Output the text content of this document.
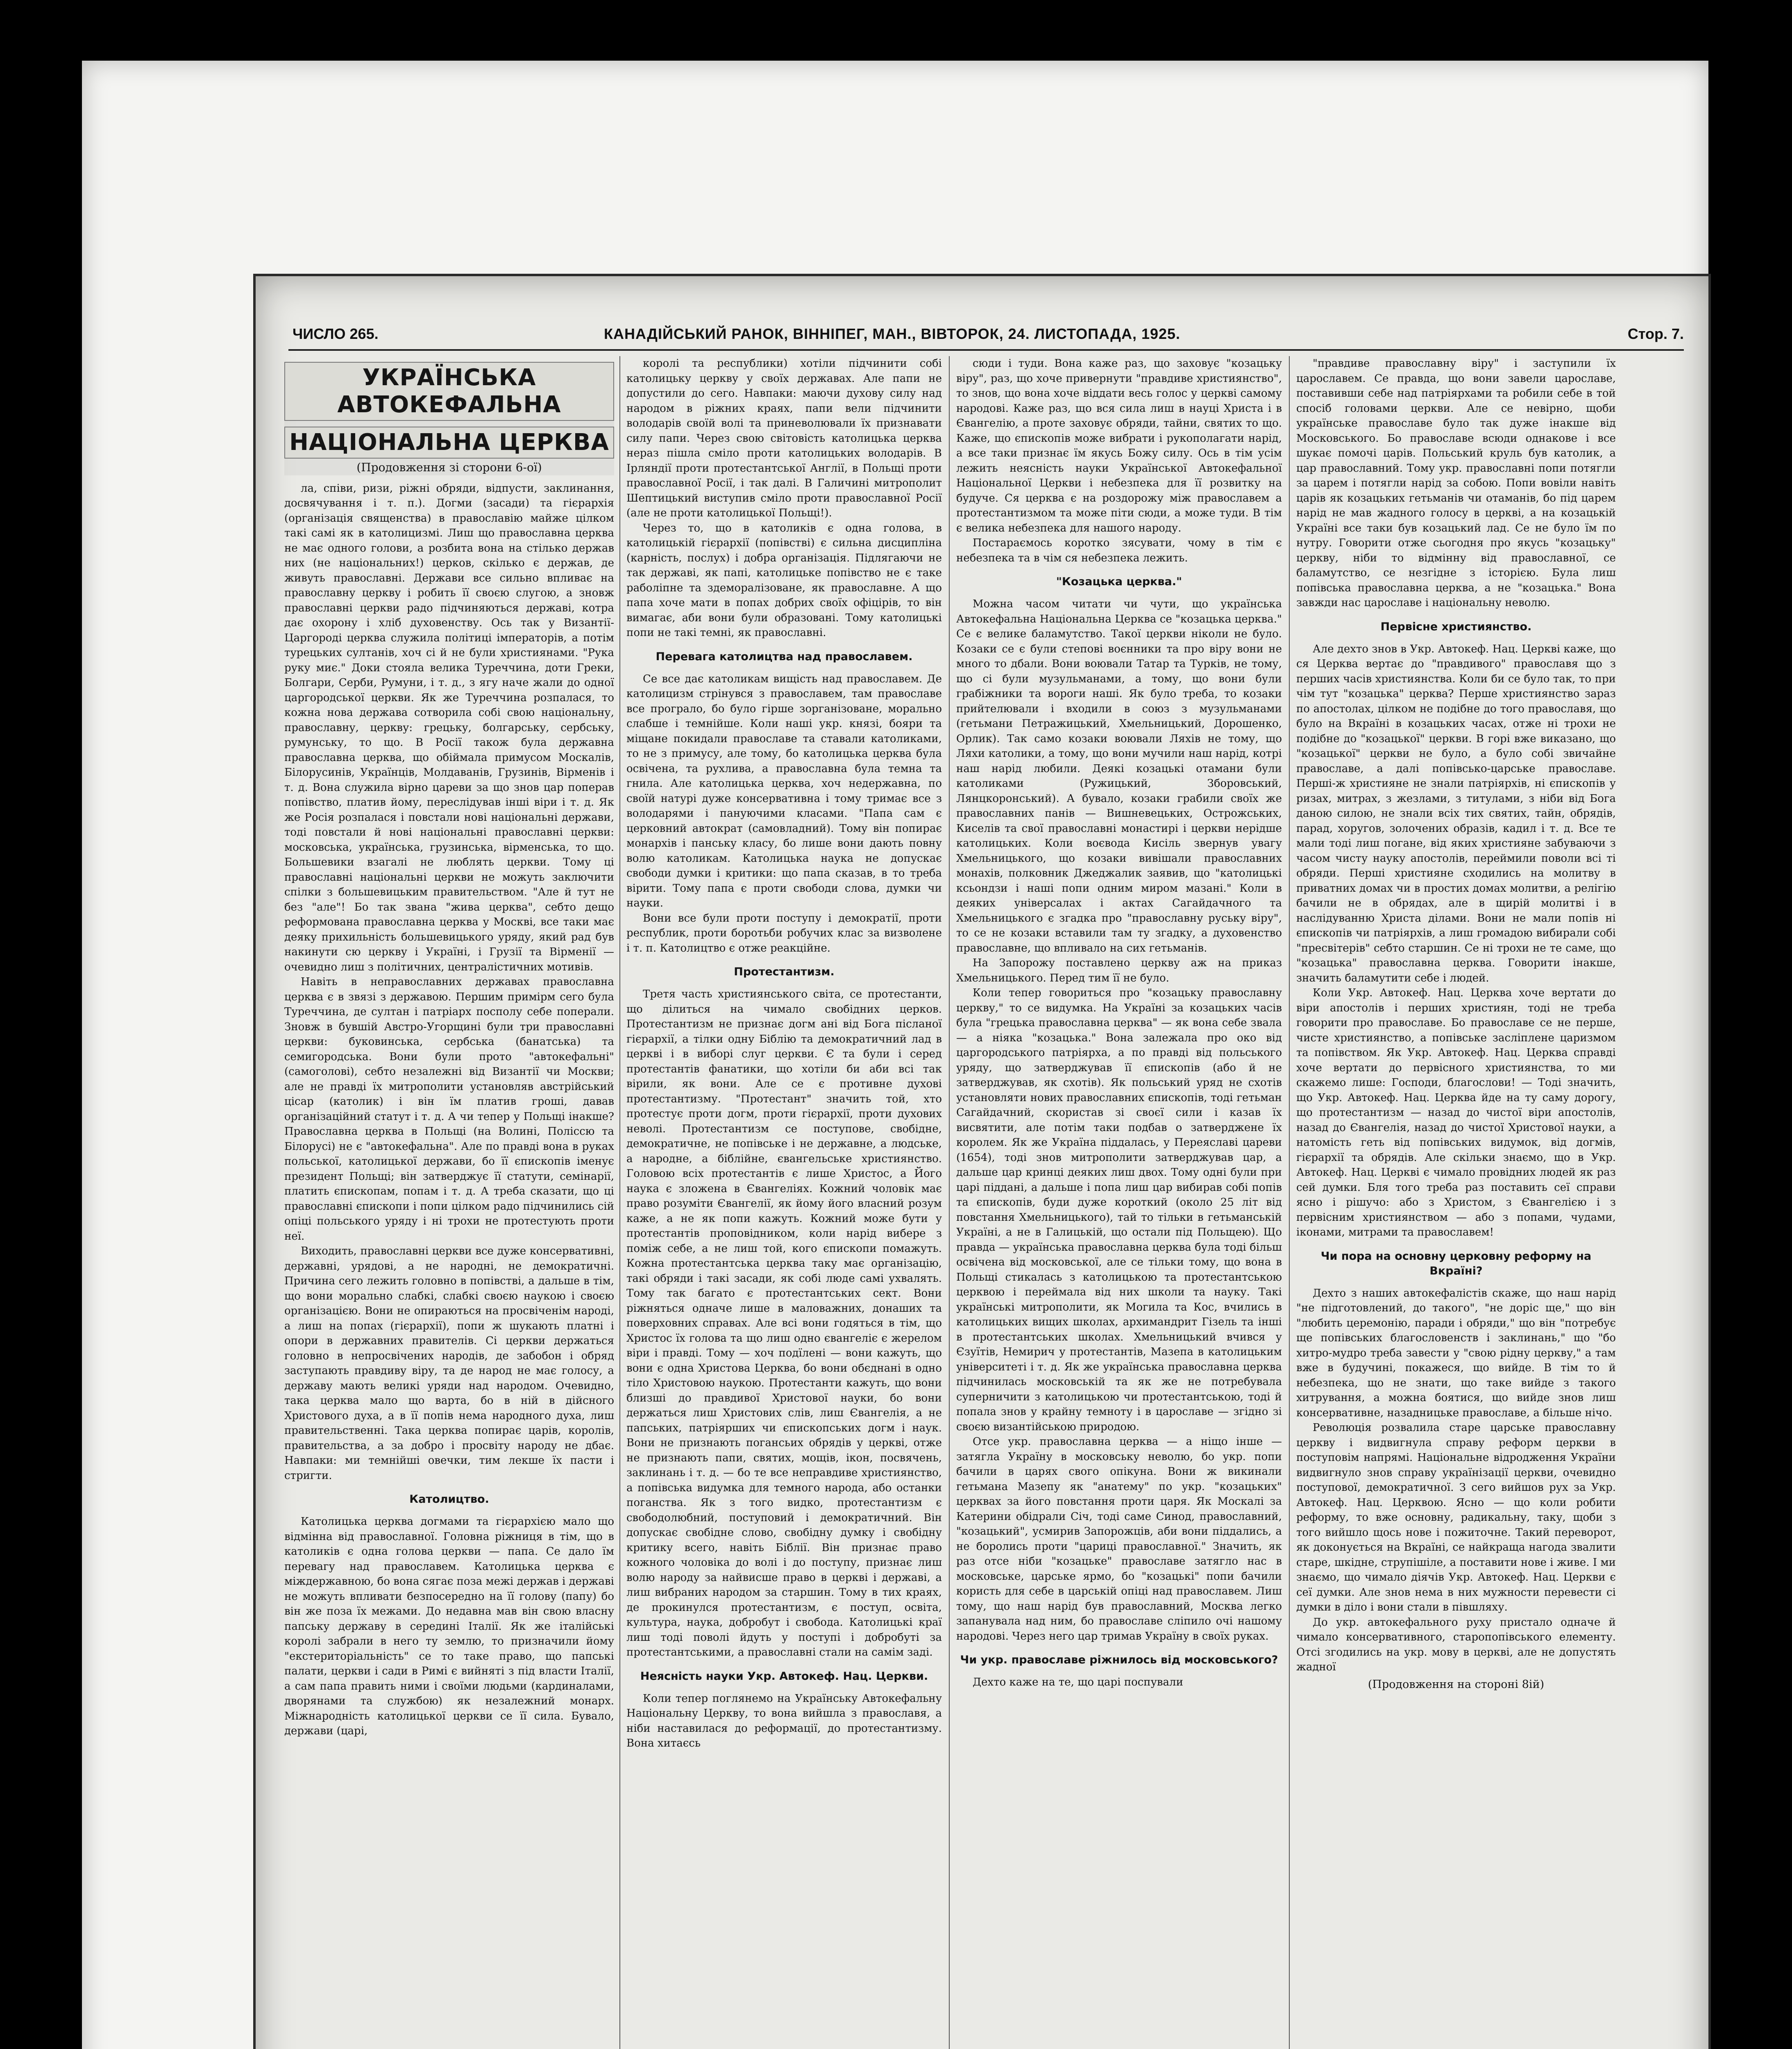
ЧИСЛО 265.	КАНАДІЙСЬКИЙ РАНОК, ВІННІПЕГ, МАН., ВІВТОРОК, 24. ЛИСТОПАДА, 1925.	Стор. 7.
УКРАЇНСЬКА АВТОКЕФАЛЬНА
НАЦІОНАЛЬНА ЦЕРКВА
(Продовження зі сторони 6-ої)

ла, співи, ризи, ріжні обряди, відпусти, заклинання, досвячування і т. п.). Догми (засади) та гієрархія (організація священства) в православію майже цілком такі самі як в католицизмі. Лиш що православна церква не має одного голови, а розбита вона на стілько держав них (не національних!) церков, скілько є держав, де живуть православні. Держави все сильно впливає на православну церкву і робить її своєю слугою, а зновж православні церкви радо підчиняються державі, котра дає охорону і хліб духовенству. Ось так у Византії-Царгороді церква служила політиці імператорів, а потім турецьких султанів, хоч сі й не були християнами. "Рука руку миє." Доки стояла велика Туреччина, доти Греки, Болгари, Серби, Румуни, і т. д., з ягу наче жали до одної царгородської церкви. Як же Туреччина розпалася, то кожна нова держава сотворила собі свою національну, православну, церкву: грецьку, болгарську, сербську, румунську, то що. В Росії також була державна православна церква, що обіймала примусом Москалів, Білорусинів, Українців, Молдаванів, Грузинів, Вірменів і т. д. Вона служила вірно цареви за що знов цар поперав попівство, платив йому, переслідував інші віри і т. д. Як же Росія розпалася і повстали нові національні держави, тоді повстали й нові національні православні церкви: московська, українська, грузинська, вірменська, то що. Большевики взагалі не люблять церкви. Тому ці православні національні церкви не можуть заключити спілки з большевицьким правительством. "Але й тут не без "але"! Бо так звана "жива церква", себто дещо реформована православна церква у Москві, все таки має деяку прихильність большевицького уряду, який рад був накинути сю церкву і Україні, і Грузії та Вірменії — очевидно лиш з політичних, централістичних мотивів.

Навіть в неправославних державах православна церква є в звязі з державою. Першим примірм сего була Туреччина, де султан і патріарх посполу себе поперали. Зновж в бувшій Австро-Угорщині були три православні церкви: буковинська, сербська (банатська) та семигородська. Вони були прото "автокефальні" (самоголові), себто незалежні від Византії чи Москви; але не правді їх митрополити установляв австрійський цісар (католик) і він їм платив гроші, давав організаційний статут і т. д. А чи тепер у Польщі інакше? Православна церква в Польщі (на Волині, Поліссю та Білорусі) не є "автокефальна". Але по правді вона в руках польської, католицької держави, бо її єпископів іменує президент Польщі; він затверджує її статути, семінарії, платить єпископам, попам і т. д. А треба сказати, що ці православні єпископи і попи цілком радо підчинились сій опіці польського уряду і ні трохи не протестують проти неї.

Виходить, православні церкви все дуже консервативні, державні, урядові, а не народні, не демократичні. Причина сего лежить головно в попівстві, а дальше в тім, що вони морально слабкі, слабкі своєю наукою і своєю організацією. Вони не опираються на просвіченім народі, а лиш на попах (гієрархії), попи ж шукають платні і опори в державних правителів. Сі церкви держаться головно в непросвічених народів, де забобон і обряд заступають правдиву віру, та де народ не має голосу, а державу мають великі уряди над народом. Очевидно, така церква мало що варта, бо в ній в дійсного Христового духа, а в її попів нема народного духа, лиш правительственні. Така церква попирає царів, королів, правительства, а за добро і просвіту народу не дбає. Навпаки: ми темнійші овечки, тим лекше їх пасти і стригти.

Католицтво.

Католицька церква догмами та гієрархією мало що відмінна від православної. Головна ріжниця в тім, що в католиків є одна голова церкви — папа. Се дало їм перевагу над православем. Католицька церква є міждержавною, бо вона сягає поза межі держав і державі не можуть впливати безпосередно на її голову (папу) бо він же поза їх межами. До недавна мав він свою власну папську державу в середині Італії. Як же італійські королі забрали в него ту землю, то призначили йому "екстериторіальність" се то таке право, що папські палати, церкви і сади в Римі є вийняті з під власти Італії, а сам папа править ними і своїми людьми (кардиналами, дворянами та службою) як незалежний монарх. Міжнародність католицької церкви се її сила. Бувало, держави (царі,

королі та республики) хотіли підчинити собі католицьку церкву у своїх державах. Але папи не допустили до сего. Навпаки: маючи духову силу над народом в ріжних краях, папи вели підчинити володарів своїй волі та приневолювали їх признавати силу папи. Через свою світовість католицька церква нераз пішла сміло проти католицьких володарів. В Ірляндії проти протестантської Англії, в Польщі проти православної Росії, і так далі. В Галичині митрополит Шептицький виступив сміло проти православної Росії (але не проти католицької Польщі!).

Через то, що в католиків є одна голова, в католицькій гієрархії (попівстві) є сильна дисципліна (карність, послух) і добра організація. Підлягаючи не так державі, як папі, католицьке попівство не є таке раболіпне та здеморалізоване, як православне. А що папа хоче мати в попах добрих своїх офіцірів, то він вимагає, аби вони були образовані. Тому католицькі попи не такі темні, як православні.

Перевага католицтва над православем.

Се все дає католикам вищість над православем. Де католицизм стрінувся з православем, там православе все програло, бо було гірше зорганізоване, морально слабше і темнійше. Коли наші укр. князі, бояри та міщане покидали православе та ставали католиками, то не з примусу, але тому, бо католицька церква була освічена, та рухлива, а православна була темна та гнила. Але католицька церква, хоч недержавна, по своїй натурі дуже консервативна і тому тримає все з володарями і пануючими класами. "Папа сам є церковний автократ (самовладний). Тому він попирає монархів і панську класу, бо лише вони дають повну волю католикам. Католицька наука не допускає свободи думки і критики: що папа сказав, в то треба вірити. Тому папа є проти свободи слова, думки чи науки.

Вони все були проти поступу і демократії, проти республик, проти боротьби робучих клас за визволене і т. п. Католицтво є отже реакційне.

Протестантизм.

Третя часть християнського світа, се протестанти, що ділиться на чимало свобідних церков. Протестантизм не признає догм ані від Бога післаної гієрархії, а тілки одну Біблію та демократичний лад в церкві і в виборі слуг церкви. Є та були і серед протестантів фанатики, що хотіли би аби всі так вірили, як вони. Але се є противне духові протестантизму. "Протестант" значить той, хто протестує проти догм, проти гієрархії, проти духових неволі. Протестантизм се поступове, свобідне, демократичне, не попівське і не державне, а людське, а народне, а біблійне, євангельське християнство. Головою всіх протестантів є лише Христос, а Його наука є зложена в Євангеліях. Кожний чоловік має право розуміти Євангелії, як йому його власний розум каже, а не як попи кажуть. Кожний може бути у протестантів проповідником, коли нарід вибере з поміж себе, а не лиш той, кого єпископи помажуть. Кожна протестантська церква таку має організацію, такі обряди і такі засади, як собі люде самі ухвалять. Тому так багато є протестантських сект. Вони ріжняться одначе лише в маловажних, донаших та поверховних справах. Але всі вони годяться в тім, що Христос їх голова та що лиш одно євангеліє є жерелом віри і правді. Тому — хоч подїлені — вони кажуть, що вони є одна Христова Церква, бо вони обєднані в одно тіло Христовою наукою. Протестанти кажуть, що вони близші до правдивої Христової науки, бо вони держаться лиш Христових слів, лиш Євангелія, а не папських, патріярших чи єпископських догм і наук. Вони не признають погансьих обрядів у церкві, отже не признають папи, святих, мощів, ікон, посвячень, заклинань і т. д. — бо те все неправдиве християнство, а попівська видумка для темного народа, або останки поганства. Як з того видко, протестантизм є свободолюбний, поступовий і демократичний. Він допускає свобідне слово, свобідну думку і свобідну критику всего, навіть Біблії. Він признає право кожного чоловіка до волі і до поступу, признає лиш волю народу за найвисше право в церкві і державі, а лиш вибраних народом за старшин. Тому в тих краях, де прокинулся протестантизм, є поступ, освіта, культура, наука, добробут і свобода. Католицькі краї лиш тоді поволі йдуть у поступі і добробуті за протестантськими, а православні стали на самім заді.

Неясність науки Укр. Автокеф. Нац. Церкви.

Коли тепер поглянемо на Українську Автокефальну Національну Церкву, то вона вийшла з православя, а ніби наставилася до реформації, до протестантизму. Вона хитаєсь

сюди і туди. Вона каже раз, що заховує "козацьку віру", раз, що хоче привернути "правдиве християнство", то знов, що вона хоче віддати весь голос у церкві самому народові. Каже раз, що вся сила лиш в науці Христа і в Євангелію, а проте заховує обряди, тайни, святих то що. Каже, що єпископів може вибрати і рукополагати нарід, а все таки признає їм якусь Божу силу. Ось в тім усім лежить неясність науки Української Автокефальної Національної Церкви і небезпека для її розвитку на будуче. Ся церква є на роздорожу між православем а протестантизмом та може піти сюди, а може туди. В тім є велика небезпека для нашого народу.

Постараємось коротко зясувати, чому в тім є небезпека та в чім ся небезпека лежить.

"Козацька церква."

Можна часом читати чи чути, що українська Автокефальна Національна Церква се "козацька церква." Се є велике баламутство. Такої церкви ніколи не було. Козаки се є були степові воєнники та про віру вони не много то дбали. Вони воювали Татар та Турків, не тому, що сі були музульманами, а тому, що вони були грабіжники та вороги наші. Як було треба, то козаки прийтелювали і входили в союз з музульманами (гетьмани Петражицький, Хмельницький, Дорошенко, Орлик). Так само козаки воювали Ляхів не тому, що Ляхи католики, а тому, що вони мучили наш нарід, котрі наш нарід любили. Деякі козацькі отамани були католиками (Ружицький, Зборовський, Лянцкоронський). А бувало, козаки грабили своїх же православних панів — Вишневецьких, Острожських, Киселів та свої православні монастирі і церкви нерідше католицьких. Коли воєвода Кисіль звернув увагу Хмельницького, що козаки вивішали православних монахів, полковник Джеджалик заявив, що "католицькі ксьондзи і наші попи одним миром мазані." Коли в деяких універсалах і актах Сагайдачного та Хмельницького є згадка про "православну руську віру", то се не козаки вставили там ту згадку, а духовенство православне, що впливало на сих гетьманів.

На Запорожу поставлено церкву аж на приказ Хмельницького. Перед тим її не було.

Коли тепер говориться про "козацьку православну церкву," то се видумка. На Україні за козацьких часів була "грецька православна церква" — як вона себе звала — а ніяка "козацька." Вона залежала про око від царгородського патріярха, а по правді від польського уряду, що затверджував її єпископів (або й не затверджував, як схотів). Як польський уряд не схотів установляти нових православних єпископів, тоді гетьман Сагайдачний, скористав зі своєї сили і казав їх висвятити, але потім таки подбав о затверджене їх королем. Як же Україна піддалась, у Переяславі цареви (1654), тоді знов митрополити затверджував цар, а дальше цар кринці деяких лиш двох. Тому одні були при царі піддані, а дальше і попа лиш цар вибирав собі попів та єпископів, буди дуже короткий (около 25 літ від повстання Хмельницького), тай то тільки в гетьманській Україні, а не в Галицькій, що остали під Польщею). Що правда — українська православна церква була тоді більш освічена від московської, але се тільки тому, що вона в Польщі стикалась з католицькою та протестантською церквою і переймала від них школи та науку. Такі українські митрополити, як Могила та Кос, вчились в католицьких вищих школах, архимандрит Гізель та інші в протестантських школах. Хмельницький вчився у Єзуїтів, Немирич у протестантів, Мазепа в католицьким університеті і т. д. Як же українська православна церква підчинилась московській та як же не потребувала суперничити з католицькою чи протестантською, тоді й попала знов у крайну темноту і в царославе — згідно зі своєю византійською природою.

Отсе укр. православна церква — а ніщо інше — затягла Україну в московську неволю, бо укр. попи бачили в царях свого опікуна. Вони ж викинали гетьмана Мазепу як "анатему" по укр. "козацьких" церквах за його повстання проти царя. Як Москалі за Катерини обідрали Січ, тоді саме Синод, православний, "козацький", усмирив Запорожців, аби вони піддались, а не боролись проти "цариці православної." Значить, як раз отсе ніби "козацьке" православе затягло нас в московське, царське ярмо, бо "козацькі" попи бачили користь для себе в царській опіці над православем. Лиш тому, що наш нарід був православний, Москва легко запанувала над ним, бо православе сліпило очі нашому народові. Через него цар тримав Україну в своїх руках.

Чи укр. православе ріжнилось від московського?

Дехто каже на те, що царі поспували

"правдиве православну віру" і заступили їх царославем. Се правда, що вони завели царославе, поставивши себе над патріярхами та робили себе в той спосіб головами церкви. Але се невірно, щоби українське православе було так дуже інакше від Московського. Бо православе всюди однакове і все шукає помочі царів. Польський круль був католик, а цар православний. Тому укр. православні попи потягли за царем і потягли нарід за собою. Попи вовіли навіть царів як козацьких гетьманів чи отаманів, бо під царем нарід не мав жадного голосу в церкві, а на козацькій Україні все таки був козацький лад. Се не було їм по нутру. Говорити отже сьогодня про якусь "козацьку" церкву, ніби то відмінну від православної, се баламутство, се незгідне з історією. Була лиш попівська православна церква, а не "козацька." Вона завжди нас царославе і національну неволю.

Первісне християнство.

Але дехто знов в Укр. Автокеф. Нац. Церкві каже, що ся Церква вертає до "правдивого" православя що з перших часів християнства. Коли би се було так, то при чім тут "козацька" церква? Перше християнство зараз по апостолах, цілком не подібне до того православя, що було на Вкраїні в козацьких часах, отже ні трохи не подібне до "козацької" церкви. В горі вже виказано, що "козацької" церкви не було, а було собі звичайне православе, а далі попівсько-царське православе. Перші-ж християне не знали патріярхів, ні єпископів у ризах, митрах, з жезлами, з титулами, з ніби від Бога даною силою, не знали всіх тих святих, тайн, обрядів, парад, хоругов, золочених образів, кадил і т. д. Все те мали тоді лиш погане, від яких християне забуваючи з часом чисту науку апостолів, переймили поволи всі ті обряди. Перші християне сходились на молитву в приватних домах чи в простих домах молитви, а релігію бачили не в обрядах, але в щирій молитві і в наслідуванню Христа ділами. Вони не мали попів ні єпископів чи патріярхів, а лиш громадою вибирали собі "пресвітерів" себто старшин. Се ні трохи не те саме, що "козацька" православна церква. Говорити інакше, значить баламутити себе і людей.

Коли Укр. Автокеф. Нац. Церква хоче вертати до віри апостолів і перших християн, тоді не треба говорити про православе. Бо православе се не перше, чисте християнство, а попівське засліплене царизмом та попівством. Як Укр. Автокеф. Нац. Церква справді хоче вертати до первісного християнства, то ми скажемо лише: Господи, благослови! — Тоді значить, що Укр. Автокеф. Нац. Церква йде на ту саму дорогу, що протестантизм — назад до чистої віри апостолів, назад до Євангелія, назад до чистої Христової науки, а натомість геть від попівських видумок, від догмів, гієрархії та обрядів. Але скільки знаємо, що в Укр. Автокеф. Нац. Церкві є чимало провідних людей як раз сей думки. Бля того треба раз поставить сеї справи ясно і рішучо: або з Христом, з Євангелією і з первісним християнством — або з попами, чудами, іконами, митрами та православем!

Чи пора на основну церковну реформу на Вкраїні?

Дехто з наших автокефалістів скаже, що наш нарід "не підготовлений, до такого", "не доріс ще," що він "любить церемонію, паради і обряди," що він "потребує ще попівських благословенств і заклинань," що "бо хитро-мудро треба завести у "свою рідну церкву," а там вже в будучині, покажеся, що вийде. В тім то й небезпека, що не знати, що таке вийде з такого хитрування, а можна боятися, що вийде знов лиш консервативне, назадницьке православе, а більше нічо.

Революція розвалила старе царське православну церкву і видвигнула справу реформ церкви в поступовім напрямі. Національне відродження України видвигнуло знов справу українізації церкви, очевидно поступової, демократичної. З сего вийшов рух за Укр. Автокеф. Нац. Церквою. Ясно — що коли робити реформу, то вже основну, радикальну, таку, щоби з того вийшло щось нове і пожиточне. Такий переворот, як доконується на Вкраїні, се найкраща нагода звалити старе, шкідне, струпішіле, а поставити нове і живе. І ми знаємо, що чимало діячів Укр. Автокеф. Нац. Церкви є сеї думки. Але знов нема в них мужности перевести сі думки в діло і вони стали в півшляху.

До укр. автокефального руху пристало одначе й чимало консервативного, старопопівського елементу. Отсі згодились на укр. мову в церкві, але не допустять жадної

(Продовження на стороні 8ій)
